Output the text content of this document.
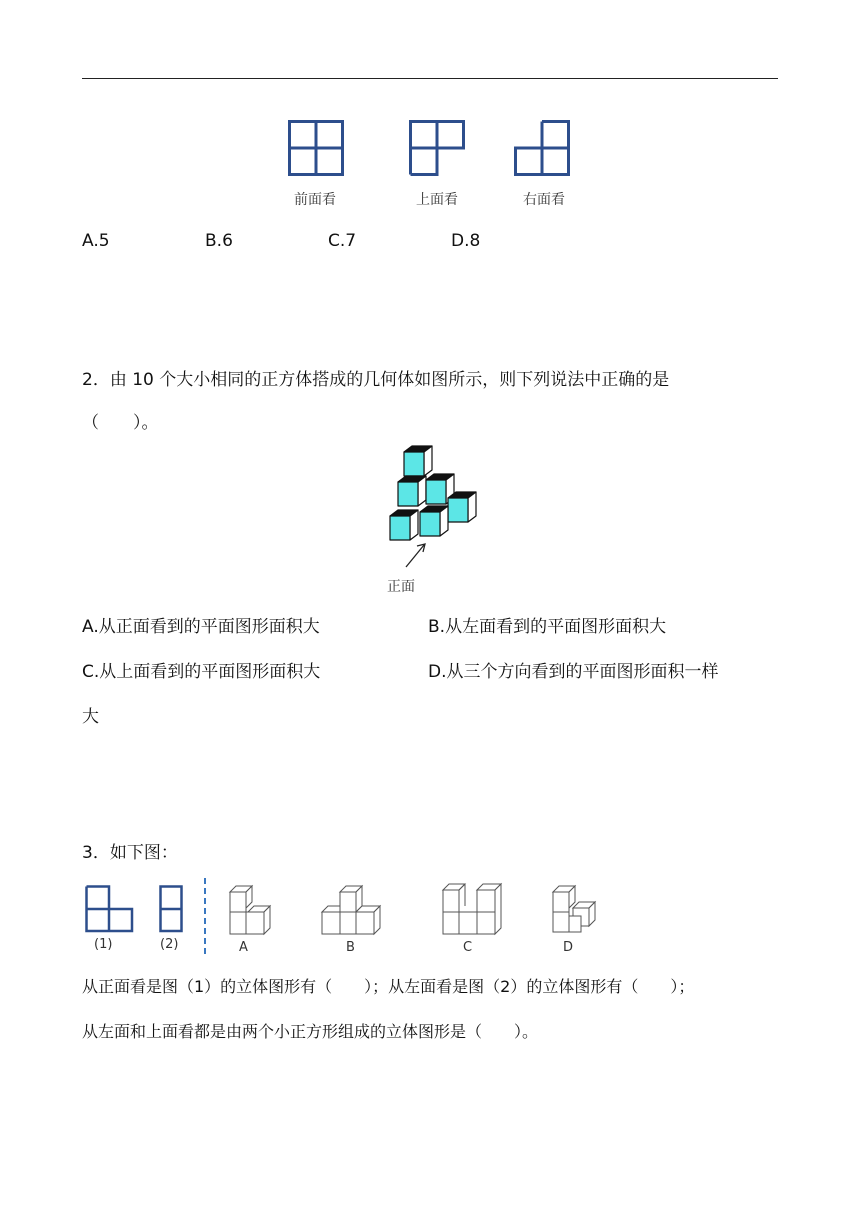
前面看	上面看	右面看
A.5	B.6	C.7	D.8
2．由 10 个大小相同的正方体搭成的几何体如图所示，则下列说法中正确的是
（　　）。
正面
A.从正面看到的平面图形面积大	B.从左面看到的平面图形面积大
C.从上面看到的平面图形面积大	D.从三个方向看到的平面图形面积一样
大
3．如下图：
(1)	(2)	A	B	C	D
从正面看是图（1）的立体图形有（　　）；从左面看是图（2）的立体图形有（　　）；
从左面和上面看都是由两个小正方形组成的立体图形是（　　）。
